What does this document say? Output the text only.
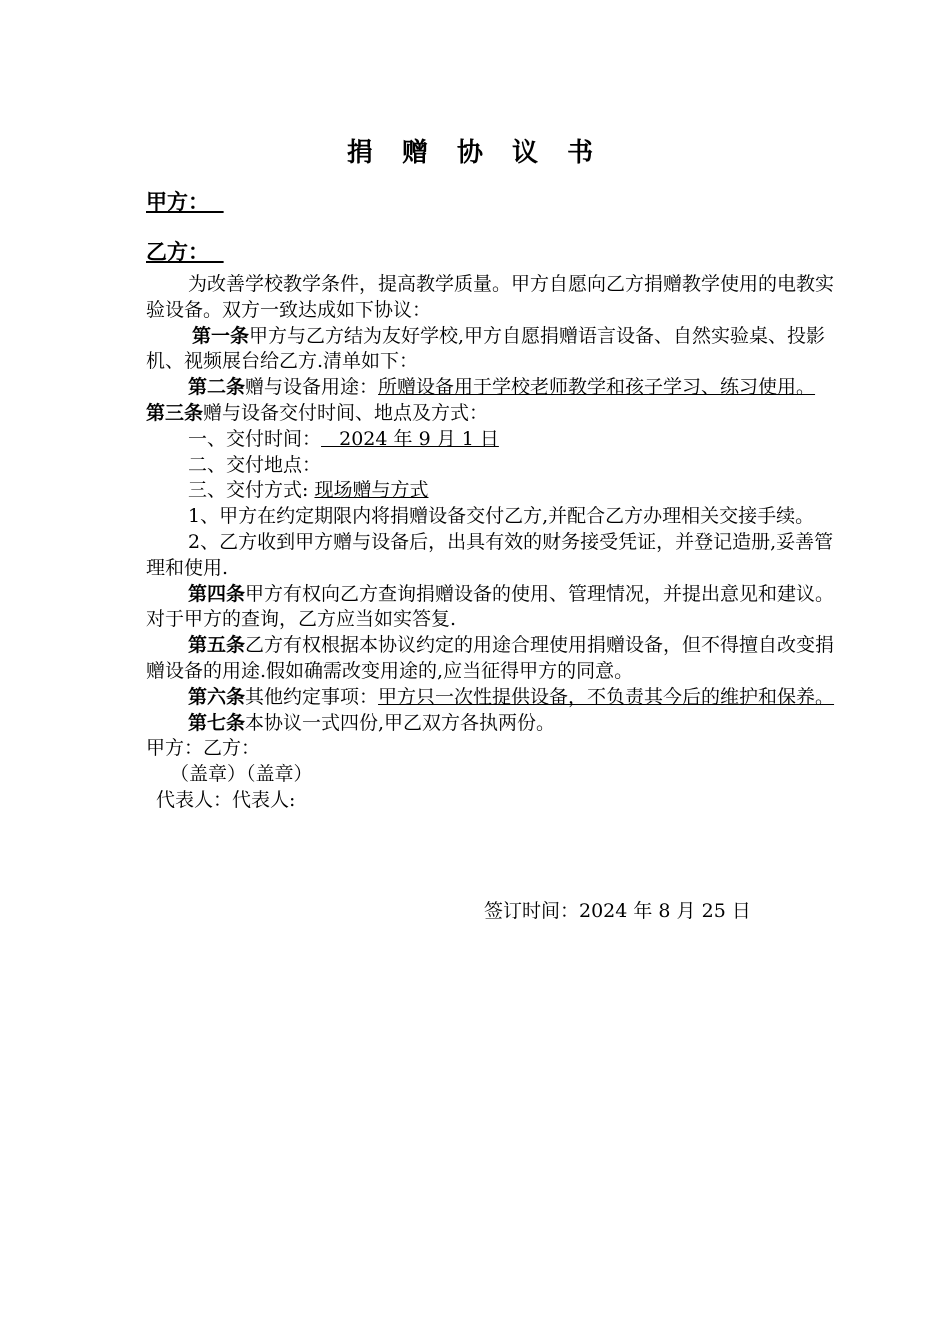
捐 赠 协 议 书
甲方：
乙方：

为改善学校教学条件，提高教学质量。甲方自愿向乙方捐赠教学使用的电教实验设备。双方一致达成如下协议：

第一条甲方与乙方结为友好学校,甲方自愿捐赠语言设备、自然实验桌、投影机、视频展台给乙方.清单如下：

第二条赠与设备用途：所赠设备用于学校老师教学和孩子学习、练习使用。

第三条赠与设备交付时间、地点及方式：

一、交付时间：   2024 年 9 月 1 日

二、交付地点：

三、交付方式: 现场赠与方式

1、甲方在约定期限内将捐赠设备交付乙方,并配合乙方办理相关交接手续。

2、乙方收到甲方赠与设备后，出具有效的财务接受凭证，并登记造册,妥善管理和使用.

第四条甲方有权向乙方查询捐赠设备的使用、管理情况，并提出意见和建议。对于甲方的查询，乙方应当如实答复.

第五条乙方有权根据本协议约定的用途合理使用捐赠设备，但不得擅自改变捐赠设备的用途.假如确需改变用途的,应当征得甲方的同意。

第六条其他约定事项：甲方只一次性提供设备，不负责其今后的维护和保养。

第七条本协议一式四份,甲乙双方各执两份。

甲方：乙方：

（盖章）（盖章）

代表人：代表人:

签订时间：2024 年 8 月 25 日
